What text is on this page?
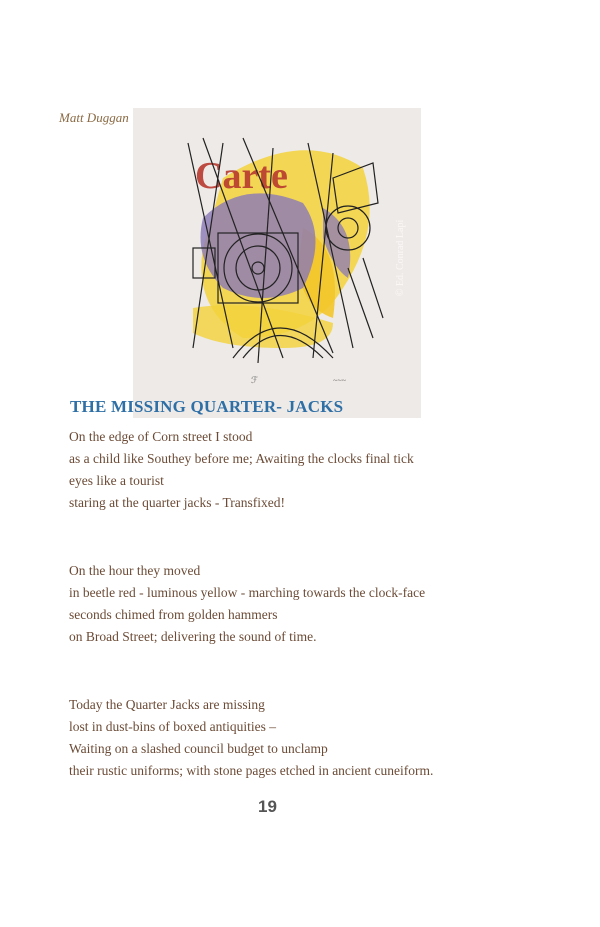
Matt Duggan
Carte
ℱ	~~~
© Ed. Conrad Lapi
THE MISSING QUARTER- JACKS
On the edge of Corn street I stood
as a child like Southey before me; Awaiting the clocks final tick
eyes like a tourist
staring at the quarter jacks - Transfixed!
On the hour they moved
in beetle red - luminous yellow - marching towards the clock-face
seconds chimed from golden hammers
on Broad Street; delivering the sound of time.
Today the Quarter Jacks are missing
lost in dust-bins of boxed antiquities –
Waiting on a slashed council budget to unclamp
their rustic uniforms; with stone pages etched in ancient cuneiform.
19
